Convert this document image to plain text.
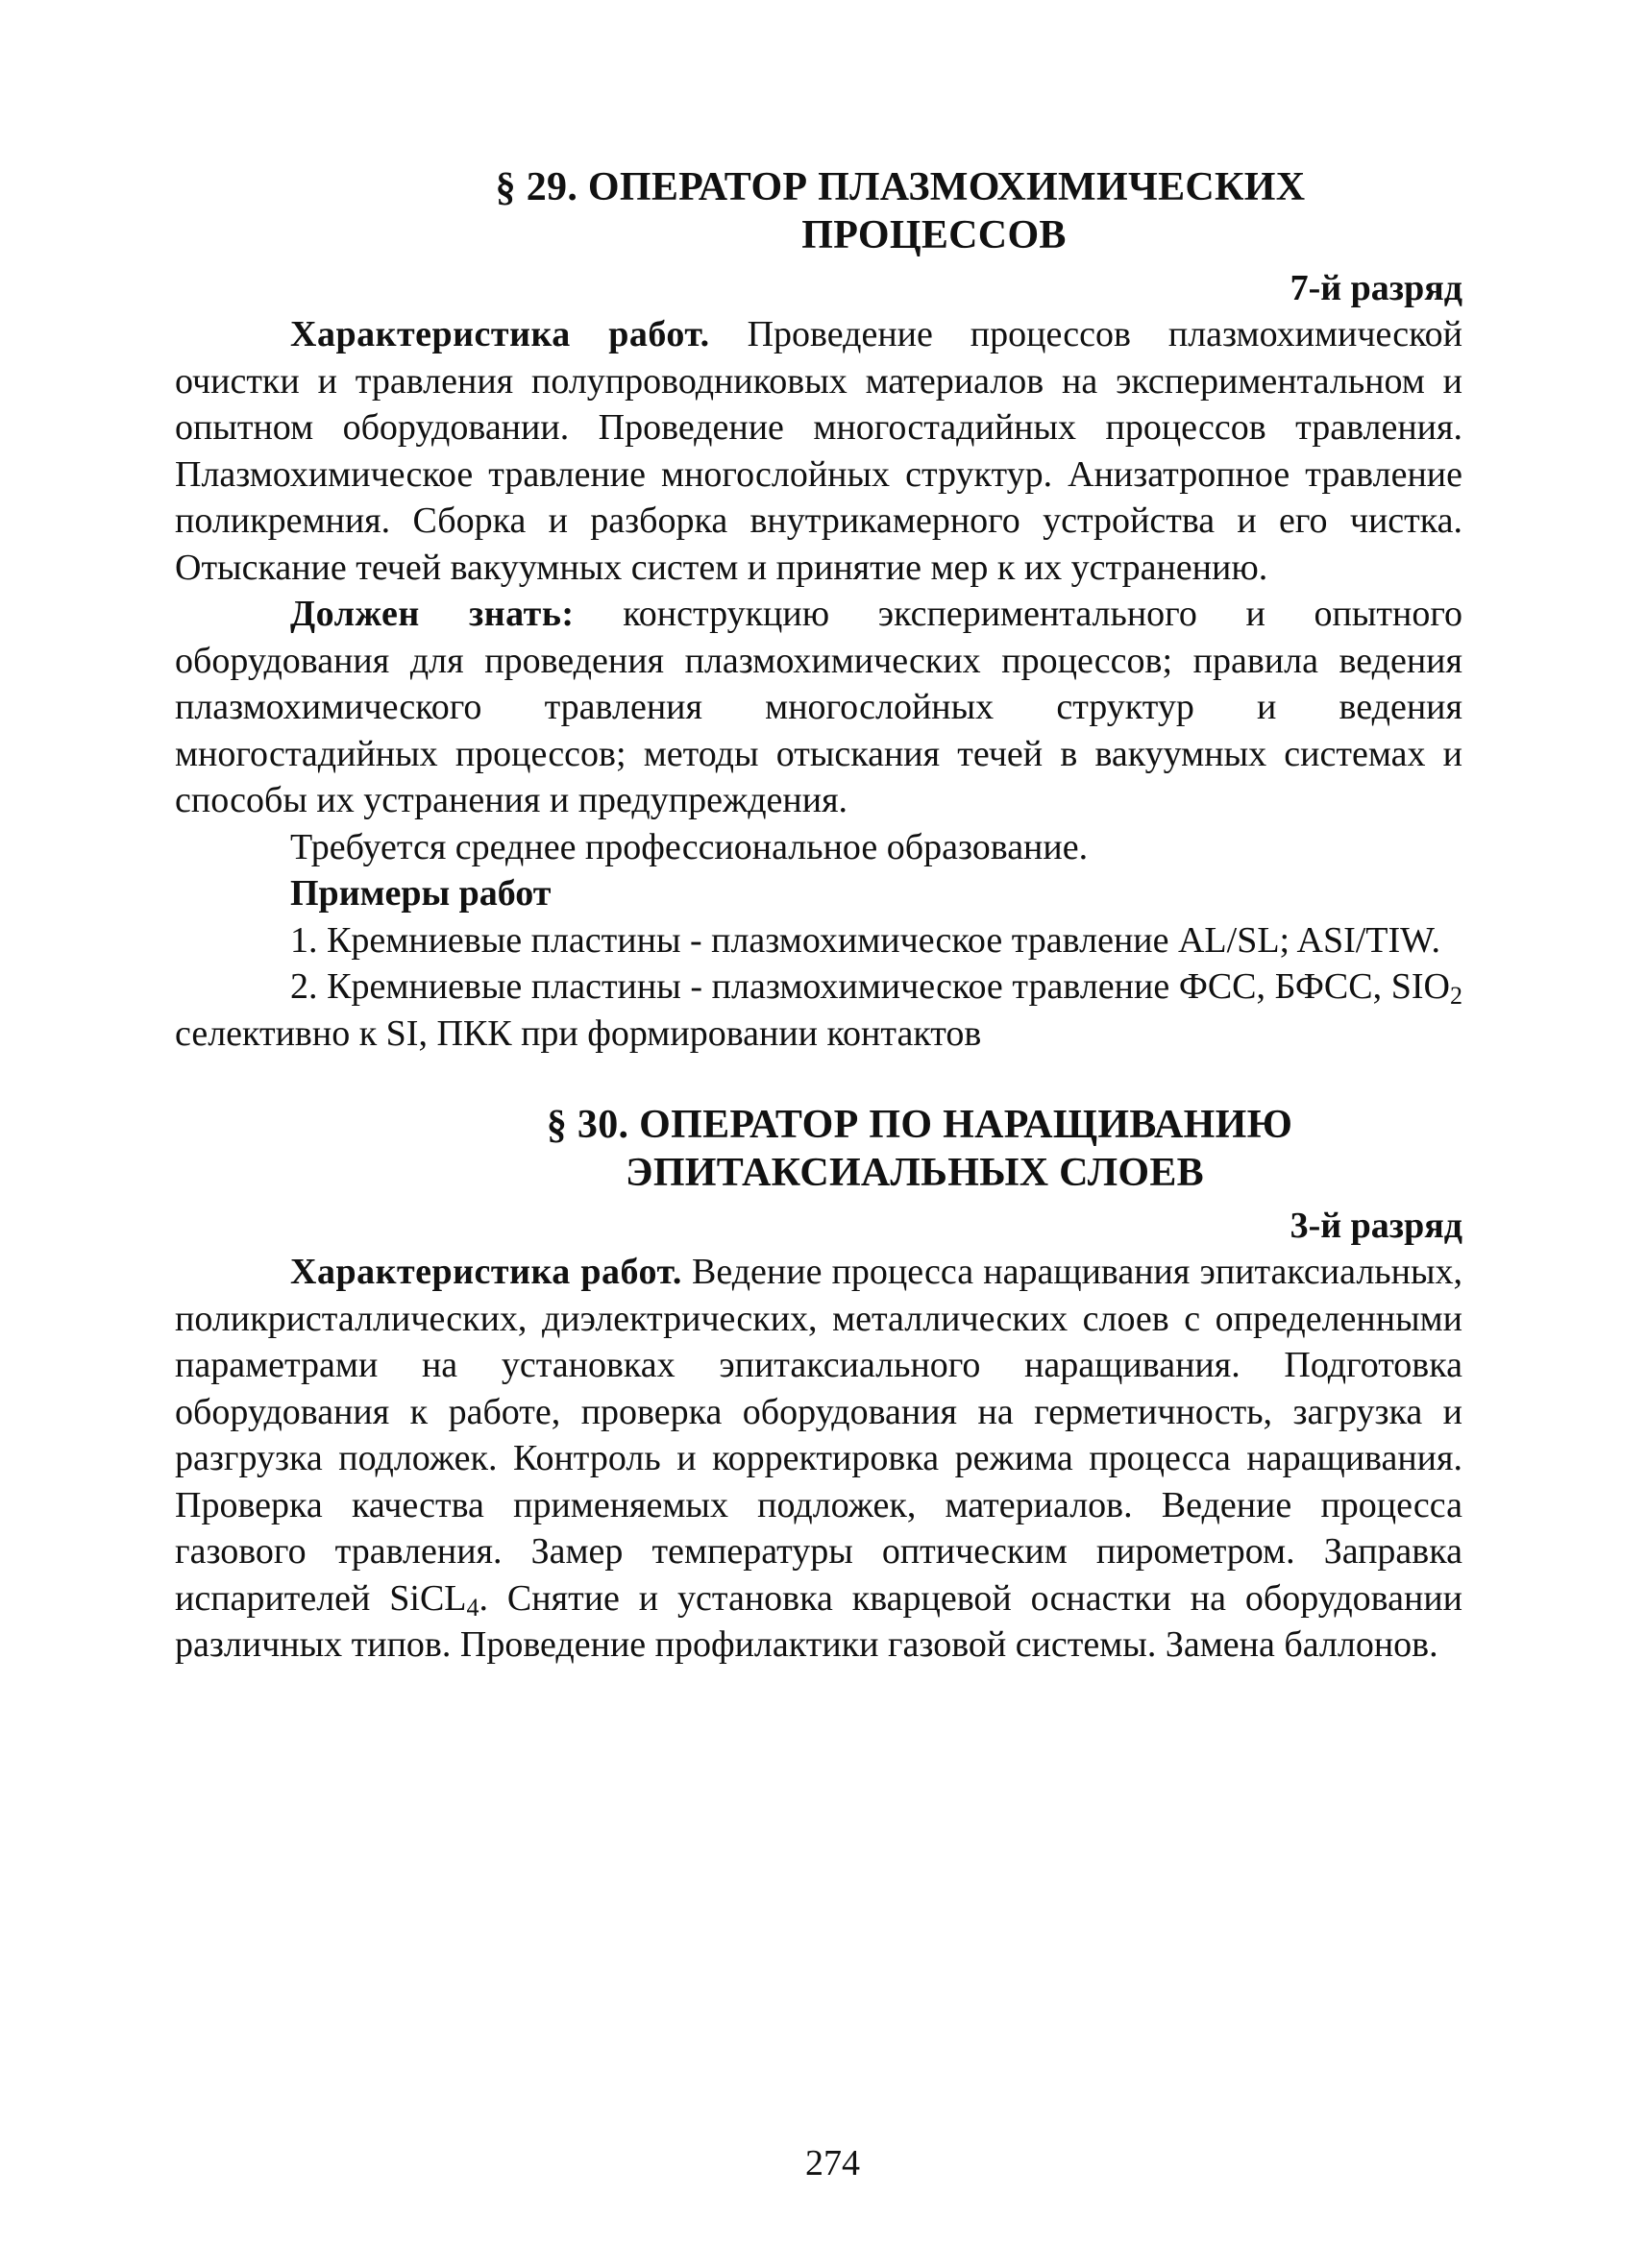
§ 29. ОПЕРАТОР ПЛАЗМОХИМИЧЕСКИХ
ПРОЦЕССОВ
7-й разряд

Характеристика работ. Проведение процессов плазмохимической очистки и травления полупроводниковых материалов на экспериментальном и опытном оборудовании. Проведение многостадийных процессов травления. Плазмохимическое травление многослойных структур. Анизатропное травление поликремния. Сборка и разборка внутрикамерного устройства и его чистка. Отыскание течей вакуумных систем и принятие мер к их устранению.

Должен знать: конструкцию экспериментального и опытного оборудования для проведения плазмохимических процессов; правила ведения плазмохимического травления многослойных структур и ведения многостадийных процессов; методы отыскания течей в вакуумных системах и способы их устранения и предупреждения.

Требуется среднее профессиональное образование.

Примеры работ

1. Кремниевые пластины - плазмохимическое травление AL/SL; ASI/TIW.

2. Кремниевые пластины - плазмохимическое травление ФСС, БФСС, $SIO_2$ селективно к SI, ПКК при формировании контактов

§ 30. ОПЕРАТОР ПО НАРАЩИВАНИЮ
ЭПИТАКСИАЛЬНЫХ СЛОЕВ
3-й разряд

Характеристика работ. Ведение процесса наращивания эпитаксиальных, поликристаллических, диэлектрических, металлических слоев с определенными параметрами на установках эпитаксиального наращивания. Подготовка оборудования к работе, проверка оборудования на герметичность, загрузка и разгрузка подложек. Контроль и корректировка режима процесса наращивания. Проверка качества применяемых подложек, материалов. Ведение процесса газового травления. Замер температуры оптическим пирометром. Заправка испарителей SiCL$_4$. Снятие и установка кварцевой оснастки на оборудовании различных типов. Проведение профилактики газовой системы. Замена баллонов.

274
